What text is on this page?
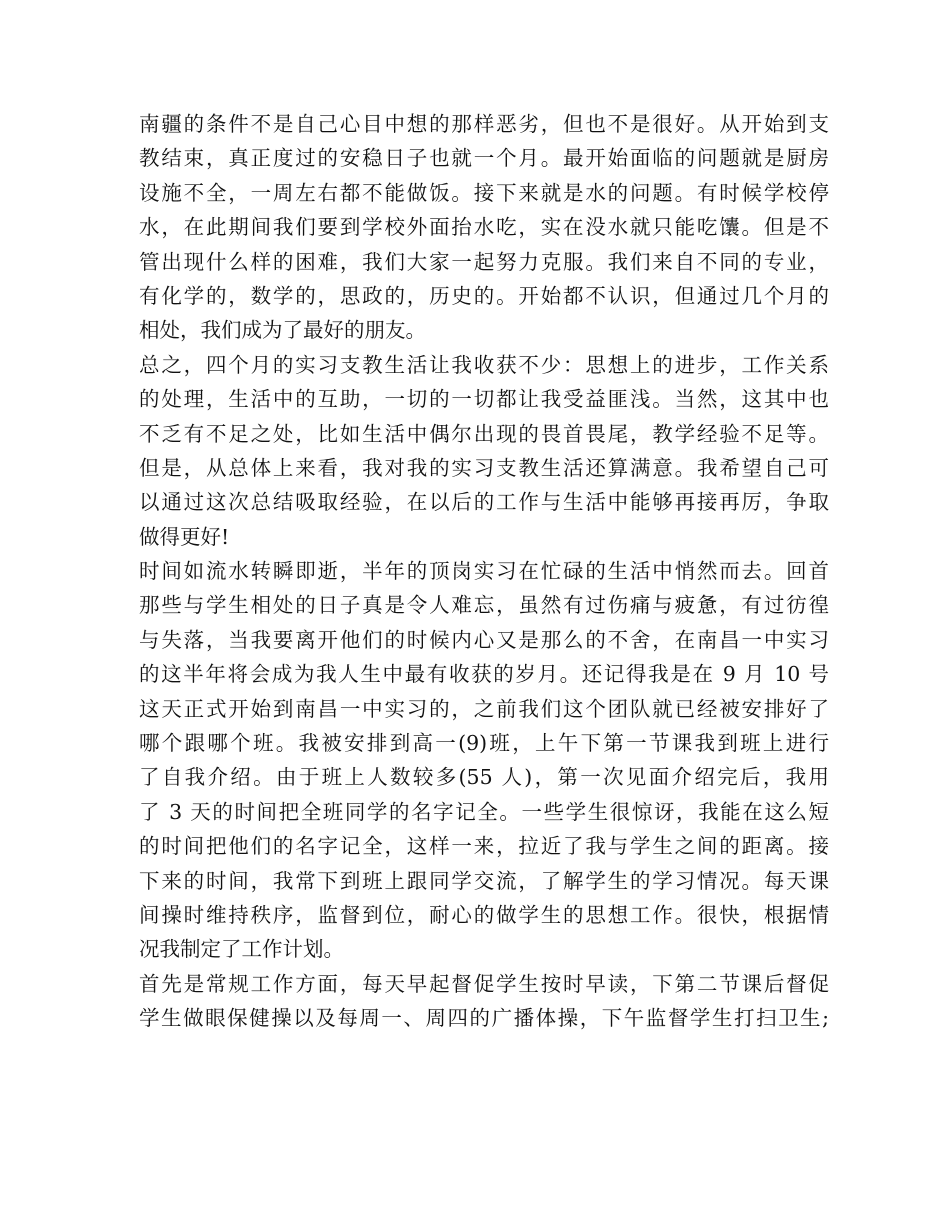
南疆的条件不是自己心目中想的那样恶劣，但也不是很好。从开始到支
教结束，真正度过的安稳日子也就一个月。最开始面临的问题就是厨房
设施不全，一周左右都不能做饭。接下来就是水的问题。有时候学校停
水，在此期间我们要到学校外面抬水吃，实在没水就只能吃馕。但是不
管出现什么样的困难，我们大家一起努力克服。我们来自不同的专业，
有化学的，数学的，思政的，历史的。开始都不认识，但通过几个月的
相处，我们成为了最好的朋友。
总之，四个月的实习支教生活让我收获不少：思想上的进步，工作关系
的处理，生活中的互助，一切的一切都让我受益匪浅。当然，这其中也
不乏有不足之处，比如生活中偶尔出现的畏首畏尾，教学经验不足等。
但是，从总体上来看，我对我的实习支教生活还算满意。我希望自己可
以通过这次总结吸取经验，在以后的工作与生活中能够再接再厉，争取
做得更好!
时间如流水转瞬即逝，半年的顶岗实习在忙碌的生活中悄然而去。回首
那些与学生相处的日子真是令人难忘，虽然有过伤痛与疲惫，有过彷徨
与失落，当我要离开他们的时候内心又是那么的不舍，在南昌一中实习
的这半年将会成为我人生中最有收获的岁月。还记得我是在 9 月 10 号
这天正式开始到南昌一中实习的，之前我们这个团队就已经被安排好了
哪个跟哪个班。我被安排到高一(9)班，上午下第一节课我到班上进行
了自我介绍。由于班上人数较多(55 人)，第一次见面介绍完后，我用
了 3 天的时间把全班同学的名字记全。一些学生很惊讶，我能在这么短
的时间把他们的名字记全，这样一来，拉近了我与学生之间的距离。接
下来的时间，我常下到班上跟同学交流，了解学生的学习情况。每天课
间操时维持秩序，监督到位，耐心的做学生的思想工作。很快，根据情
况我制定了工作计划。
首先是常规工作方面，每天早起督促学生按时早读，下第二节课后督促
学生做眼保健操以及每周一、周四的广播体操，下午监督学生打扫卫生;
